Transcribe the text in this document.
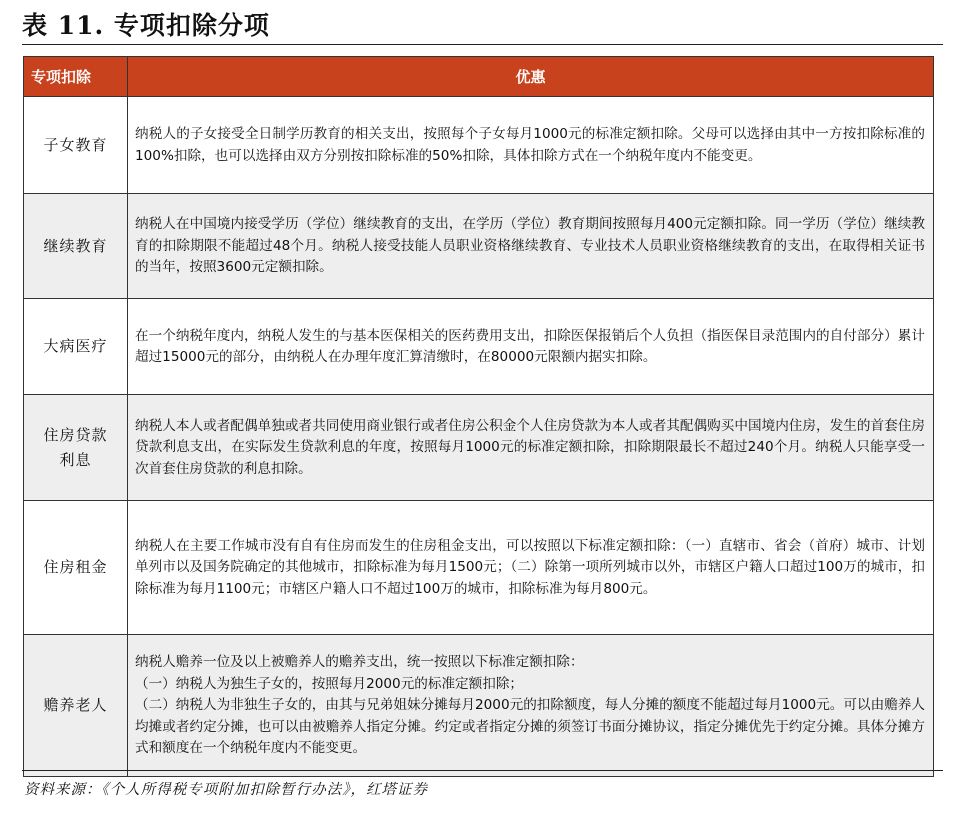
表 11. 专项扣除分项
专项扣除	优惠
子女教育	纳税人的子女接受全日制学历教育的相关支出，按照每个子女每月1000元的标准定额扣除。父母可以选择由其中一方按扣除标准的100%扣除，也可以选择由双方分别按扣除标准的50%扣除，具体扣除方式在一个纳税年度内不能变更。
继续教育	纳税人在中国境内接受学历（学位）继续教育的支出，在学历（学位）教育期间按照每月400元定额扣除。同一学历（学位）继续教育的扣除期限不能超过48个月。纳税人接受技能人员职业资格继续教育、专业技术人员职业资格继续教育的支出，在取得相关证书的当年，按照3600元定额扣除。
大病医疗	在一个纳税年度内，纳税人发生的与基本医保相关的医药费用支出，扣除医保报销后个人负担（指医保目录范围内的自付部分）累计超过15000元的部分，由纳税人在办理年度汇算清缴时，在80000元限额内据实扣除。
住房贷款利息	纳税人本人或者配偶单独或者共同使用商业银行或者住房公积金个人住房贷款为本人或者其配偶购买中国境内住房，发生的首套住房贷款利息支出，在实际发生贷款利息的年度，按照每月1000元的标准定额扣除，扣除期限最长不超过240个月。纳税人只能享受一次首套住房贷款的利息扣除。
住房租金	纳税人在主要工作城市没有自有住房而发生的住房租金支出，可以按照以下标准定额扣除：（一）直辖市、省会（首府）城市、计划单列市以及国务院确定的其他城市，扣除标准为每月1500元；（二）除第一项所列城市以外，市辖区户籍人口超过100万的城市，扣除标准为每月1100元；市辖区户籍人口不超过100万的城市，扣除标准为每月800元。
赡养老人	纳税人赡养一位及以上被赡养人的赡养支出，统一按照以下标准定额扣除：
（一）纳税人为独生子女的，按照每月2000元的标准定额扣除；
（二）纳税人为非独生子女的，由其与兄弟姐妹分摊每月2000元的扣除额度，每人分摊的额度不能超过每月1000元。可以由赡养人均摊或者约定分摊，也可以由被赡养人指定分摊。约定或者指定分摊的须签订书面分摊协议，指定分摊优先于约定分摊。具体分摊方式和额度在一个纳税年度内不能变更。
资料来源：《个人所得税专项附加扣除暂行办法》，红塔证券
